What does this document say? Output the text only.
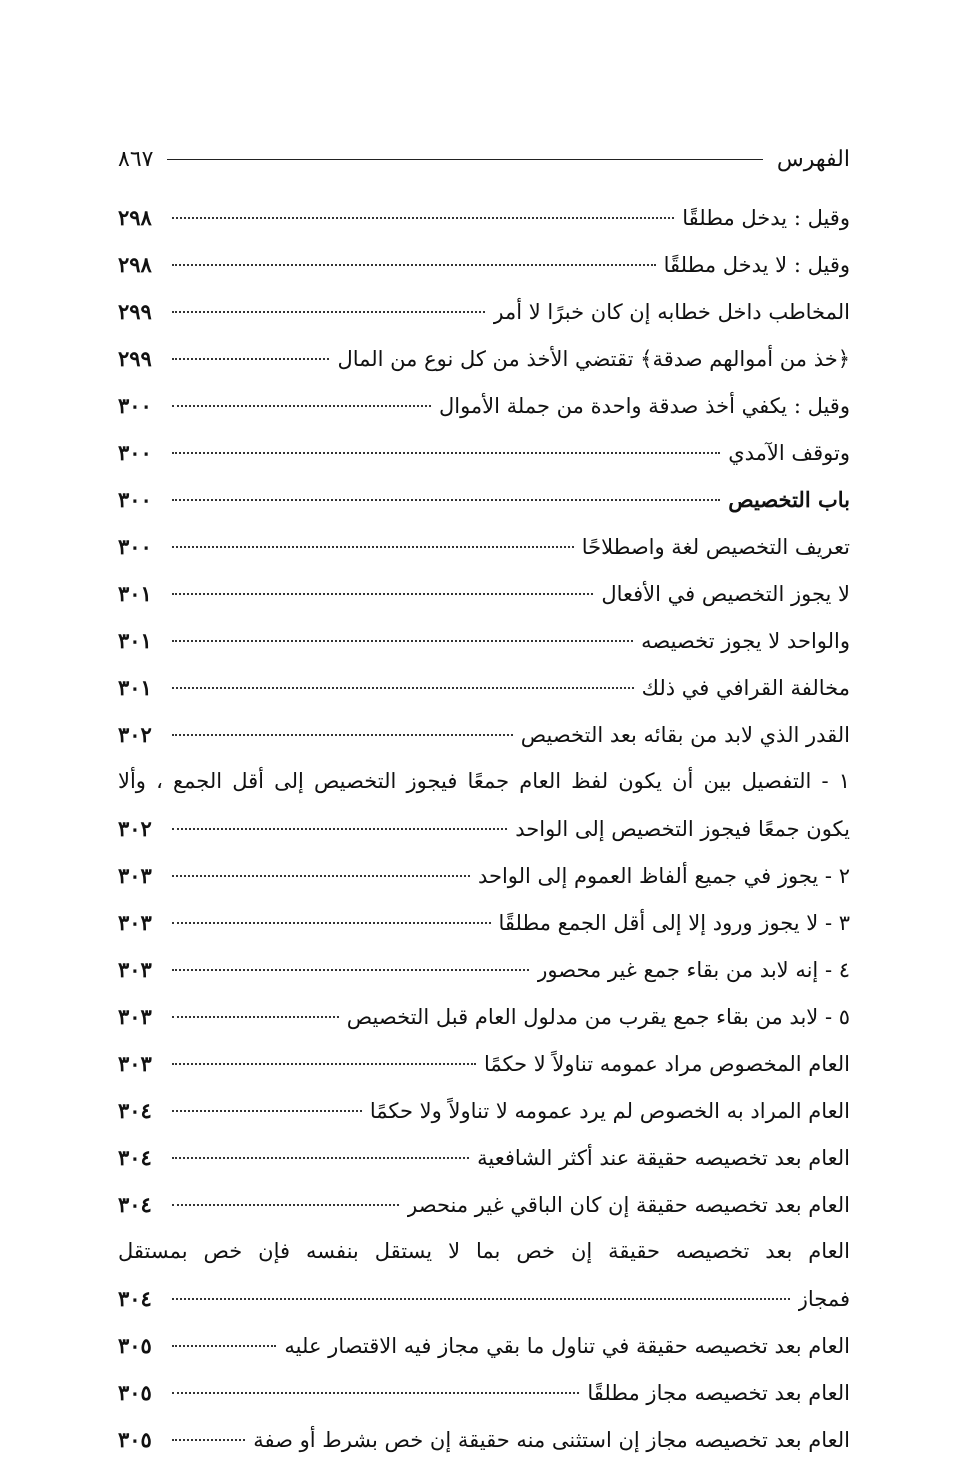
الفهرس
٨٦٧
وقيل : يدخل مطلقًا
٢٩٨
وقيل : لا يدخل مطلقًا
٢٩٨
المخاطب داخل خطابه إن كان خبرًا لا أمر
٢٩٩
﴿خذ من أموالهم صدقة﴾ تقتضي الأخذ من كل نوع من المال
٢٩٩
وقيل : يكفي أخذ صدقة واحدة من جملة الأموال
٣٠٠
وتوقف الآمدي
٣٠٠
باب التخصيص
٣٠٠
تعريف التخصيص لغة واصطلاحًا
٣٠٠
لا يجوز التخصيص في الأفعال
٣٠١
والواحد لا يجوز تخصيصه
٣٠١
مخالفة القرافي في ذلك
٣٠١
القدر الذي لابد من بقائه بعد التخصيص
٣٠٢
١ - التفصيل بين أن يكون لفظ العام جمعًا فيجوز التخصيص إلى أقل الجمع ، وألا
يكون جمعًا فيجوز التخصيص إلى الواحد
٣٠٢
٢ - يجوز في جميع ألفاظ العموم إلى الواحد
٣٠٣
٣ - لا يجوز ورود إلا إلى أقل الجمع مطلقًا
٣٠٣
٤ - إنه لابد من بقاء جمع غير محصور
٣٠٣
٥ - لابد من بقاء جمع يقرب من مدلول العام قبل التخصيص
٣٠٣
العام المخصوص مراد عمومه تناولاً لا حكمًا
٣٠٣
العام المراد به الخصوص لم يرد عمومه لا تناولاً ولا حكمًا
٣٠٤
العام بعد تخصيصه حقيقة عند أكثر الشافعية
٣٠٤
العام بعد تخصيصه حقيقة إن كان الباقي غير منحصر
٣٠٤
العام بعد تخصيصه حقيقة إن خص بما لا يستقل بنفسه فإن خص بمستقل
فمجاز
٣٠٤
العام بعد تخصيصه حقيقة في تناول ما بقي مجاز فيه الاقتصار عليه
٣٠٥
العام بعد تخصيصه مجاز مطلقًا
٣٠٥
العام بعد تخصيصه مجاز إن استثنى منه حقيقة إن خص بشرط أو صفة
٣٠٥
